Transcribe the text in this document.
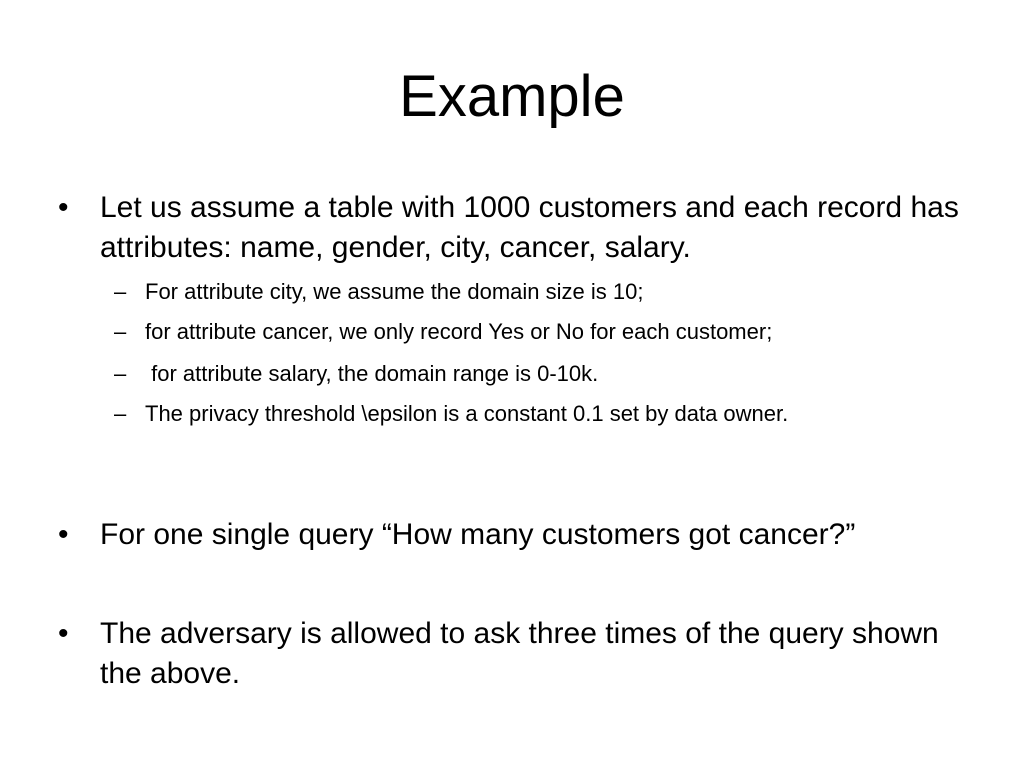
Example
• Let us assume a table with 1000 customers and each record has attributes: name, gender, city, cancer, salary.
– For attribute city, we assume the domain size is 10;
– for attribute cancer, we only record Yes or No for each customer;
– for attribute salary, the domain range is 0-10k.
– The privacy threshold \epsilon is a constant 0.1 set by data owner.
• For one single query “How many customers got cancer?”
• The adversary is allowed to ask three times of the query shown the above.
